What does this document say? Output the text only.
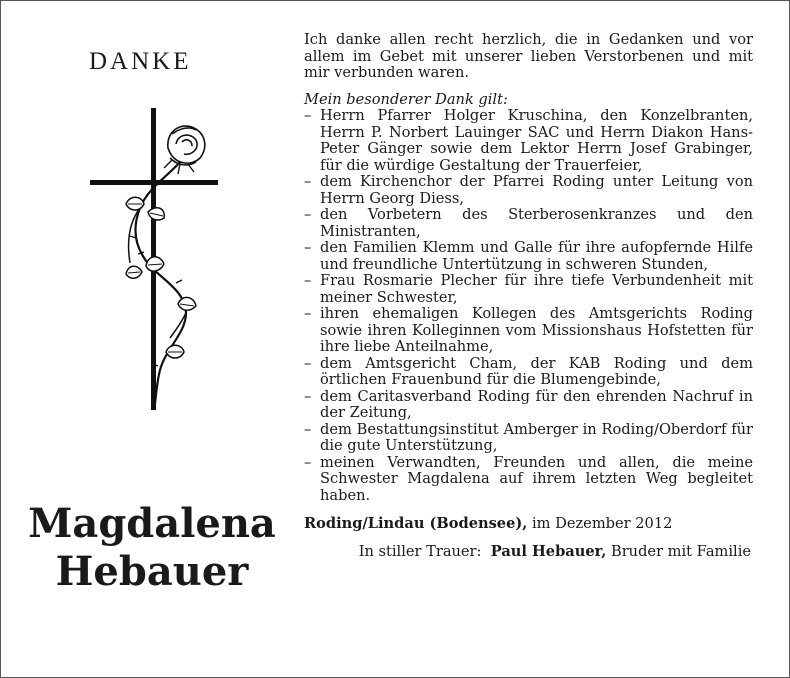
DANKE
Magdalena
Hebauer

Ich danke allen recht herzlich, die in Gedanken und vor allem im Gebet mit unserer lieben Verstorbenen und mit mir verbunden waren.

Mein besonderer Dank gilt:

– Herrn Pfarrer Holger Kruschina, den Konzelbranten, Herrn P. Norbert Lauinger SAC und Herrn Diakon Hans-Peter Gänger sowie dem Lektor Herrn Josef Grabinger, für die würdige Gestaltung der Trauerfeier,
– dem Kirchenchor der Pfarrei Roding unter Leitung von Herrn Georg Diess,
– den Vorbetern des Sterberosenkranzes und den Ministranten,
– den Familien Klemm und Galle für ihre aufopfernde Hilfe und freundliche Untertützung in schweren Stunden,
– Frau Rosmarie Plecher für ihre tiefe Verbundenheit mit meiner Schwester,
– ihren ehemaligen Kollegen des Amtsgerichts Roding sowie ihren Kolleginnen vom Missionshaus Hofstetten für ihre liebe Anteilnahme,
– dem Amtsgericht Cham, der KAB Roding und dem örtlichen Frauenbund für die Blumengebinde,
– dem Caritasverband Roding für den ehrenden Nachruf in der Zeitung,
– dem Bestattungsinstitut Amberger in Roding/Oberdorf für die gute Unterstützung,
– meinen Verwandten, Freunden und allen, die meine Schwester Magdalena auf ihrem letzten Weg begleitet haben.

Roding/Lindau (Bodensee), im Dezember 2012

In stiller Trauer: Paul Hebauer, Bruder mit Familie
